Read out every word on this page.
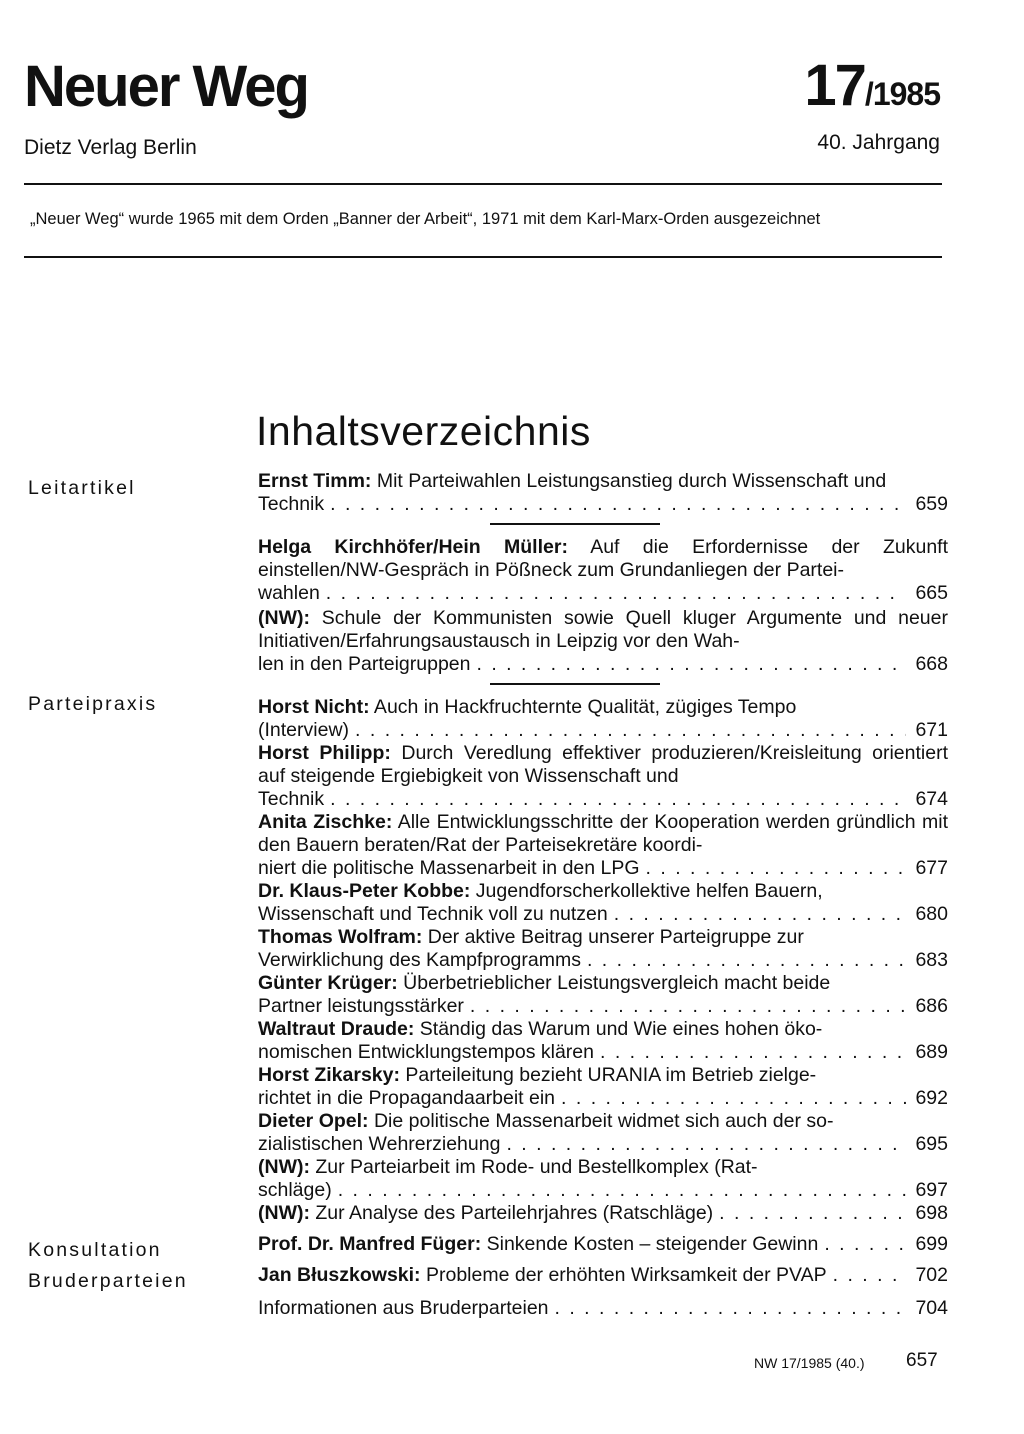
Neuer Weg
Dietz Verlag Berlin
17/1985
40. Jahrgang
„Neuer Weg“ wurde 1965 mit dem Orden „Banner der Arbeit“, 1971 mit dem Karl-Marx-Orden ausgezeichnet
Inhaltsverzeichnis
Leitartikel
Parteipraxis
Konsultation
Bruderparteien
Ernst Timm: Mit Parteiwahlen Leistungsanstieg durch Wissenschaft und
Technik . . .	659
Helga Kirchhöfer/Hein Müller: Auf die Erfordernisse der Zukunft einstellen/NW-Gespräch in Pößneck zum Grundanliegen der Partei-
wahlen . . .	665
(NW): Schule der Kommunisten sowie Quell kluger Argumente und neuer Initiativen/Erfahrungsaustausch in Leipzig vor den Wah-
len in den Parteigruppen . . .	668
Horst Nicht: Auch in Hackfruchternte Qualität, zügiges Tempo
(Interview) . . .	671
Horst Philipp: Durch Veredlung effektiver produzieren/Kreisleitung orientiert auf steigende Ergiebigkeit von Wissenschaft und
Technik . . .	674
Anita Zischke: Alle Entwicklungsschritte der Kooperation werden gründlich mit den Bauern beraten/Rat der Parteisekretäre koordi-
niert die politische Massenarbeit in den LPG . . .	677
Dr. Klaus-Peter Kobbe: Jugendforscherkollektive helfen Bauern,
Wissenschaft und Technik voll zu nutzen . . .	680
Thomas Wolfram: Der aktive Beitrag unserer Parteigruppe zur
Verwirklichung des Kampfprogramms . . .	683
Günter Krüger: Überbetrieblicher Leistungsvergleich macht beide
Partner leistungsstärker . . .	686
Waltraut Draude: Ständig das Warum und Wie eines hohen öko-
nomischen Entwicklungstempos klären . . .	689
Horst Zikarsky: Parteileitung bezieht URANIA im Betrieb zielge-
richtet in die Propagandaarbeit ein . . .	692
Dieter Opel: Die politische Massenarbeit widmet sich auch der so-
zialistischen Wehrerziehung . . .	695
(NW): Zur Parteiarbeit im Rode- und Bestellkomplex (Rat-
schläge) . . .	697
(NW): Zur Analyse des Parteilehrjahres (Ratschläge) . . .	698
Prof. Dr. Manfred Füger: Sinkende Kosten – steigender Gewinn . . .	699
Jan Błuszkowski: Probleme der erhöhten Wirksamkeit der PVAP . . .	702
Informationen aus Bruderparteien . . .	704
NW 17/1985 (40.) 657
